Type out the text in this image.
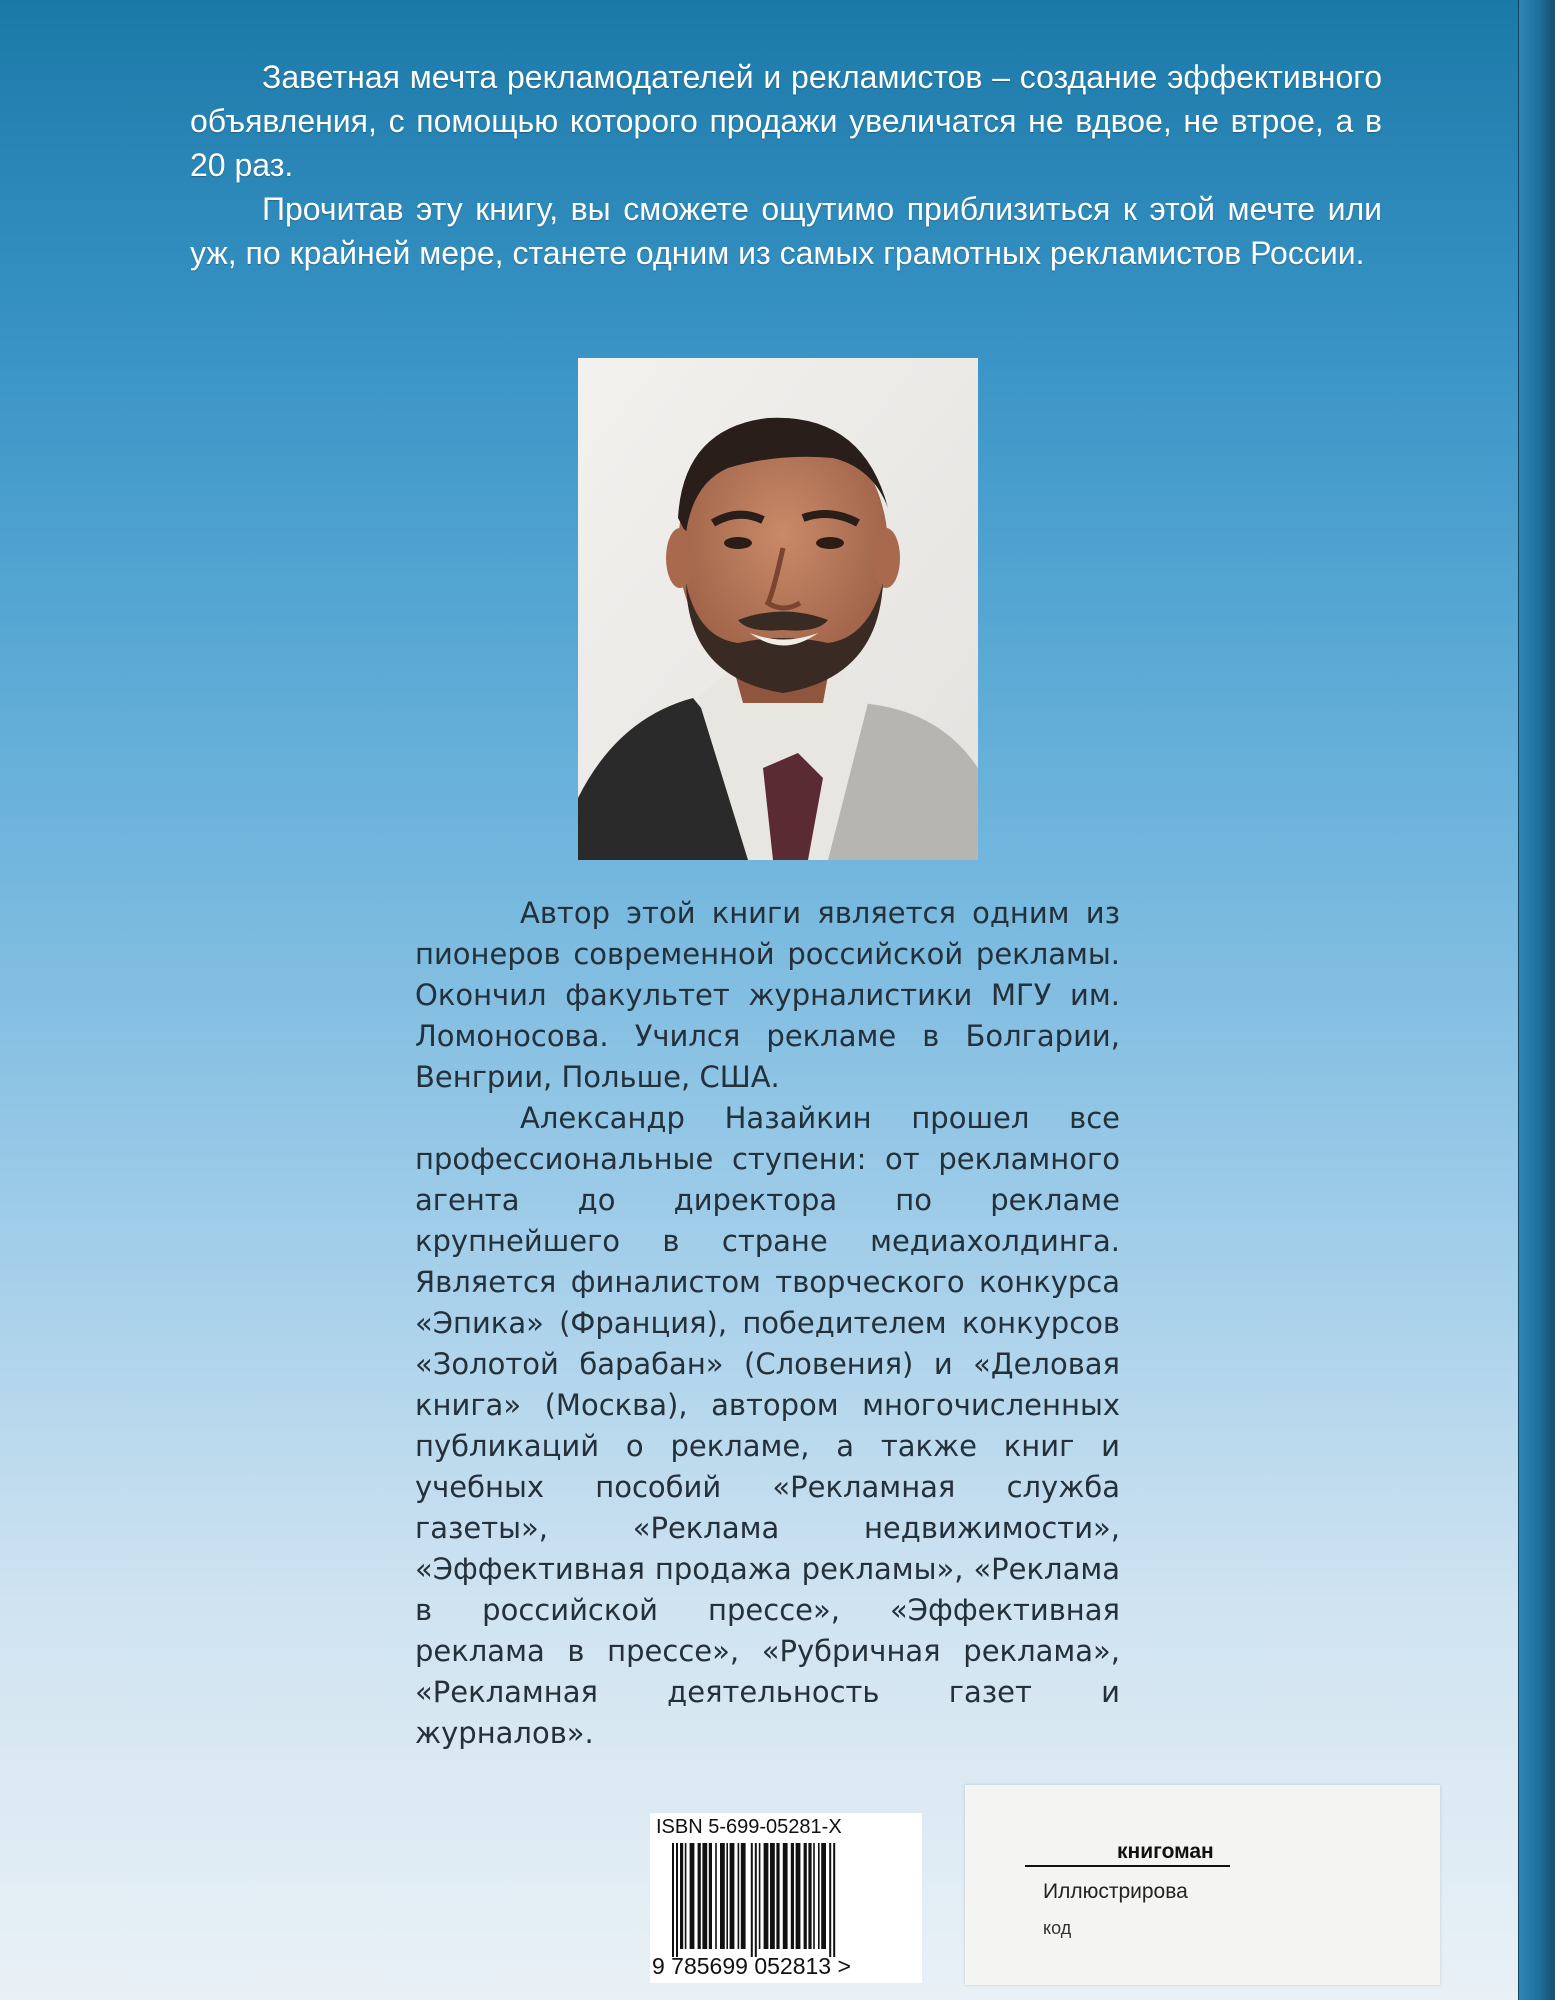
Заветная мечта рекламодателей и рекламистов – создание эффективного объявления, с помощью которого продажи увеличатся не вдвое, не втрое, а в 20 раз.

Прочитав эту книгу, вы сможете ощутимо приблизиться к этой мечте или уж, по крайней мере, станете одним из самых грамотных рекламистов России.

Автор этой книги является одним из пионеров современной российской рекламы. Окончил факультет журналистики МГУ им. Ломоносова. Учился рекламе в Болгарии, Венгрии, Польше, США.

Александр Назайкин прошел все профессиональные ступени: от рекламного агента до директора по рекламе крупнейшего в стране медиахолдинга. Является финалистом творческого конкурса «Эпика» (Франция), победителем конкурсов «Золотой барабан» (Словения) и «Деловая книга» (Москва), автором многочисленных публикаций о рекламе, а также книг и учебных пособий «Рекламная служба газеты», «Реклама недвижимости», «Эффективная продажа рекламы», «Реклама в российской прессе», «Эффективная реклама в прессе», «Рубричная реклама», «Рекламная деятельность газет и журналов».

ISBN 5-699-05281-X
9 785699 052813 >
книгоман
Иллюстрирова
код
